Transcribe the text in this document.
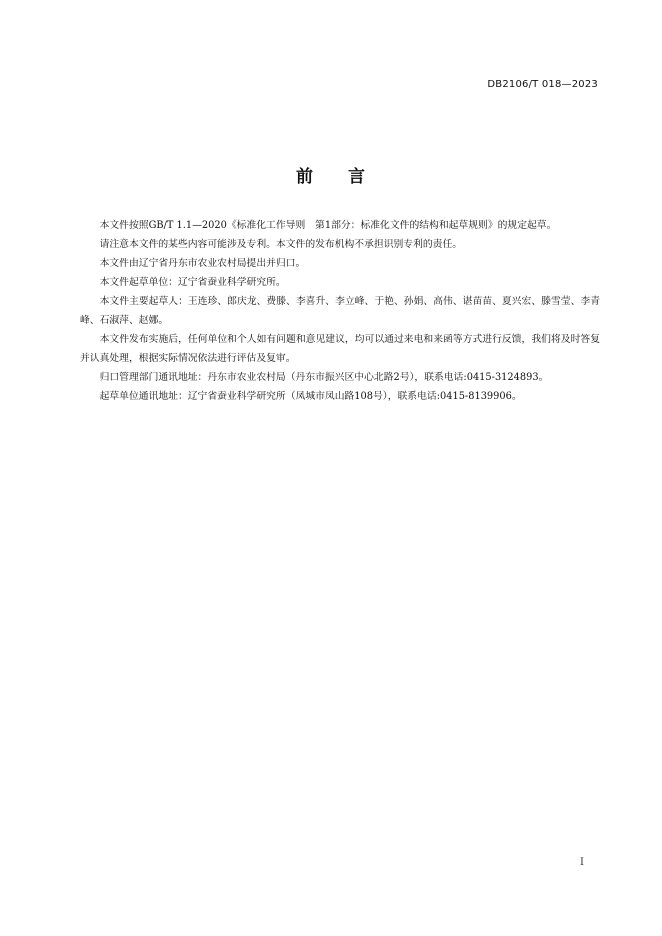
DB2106/T 018—2023
前 言

本文件按照GB/T 1.1—2020《标准化工作导则　第1部分：标准化文件的结构和起草规则》的规定起草。

请注意本文件的某些内容可能涉及专利。本文件的发布机构不承担识别专利的责任。

本文件由辽宁省丹东市农业农村局提出并归口。

本文件起草单位：辽宁省蚕业科学研究所。

本文件主要起草人：王连珍、郎庆龙、费滕、李喜升、李立峰、于艳、孙娟、高伟、谌苗苗、夏兴宏、滕雪莹、李青峰、石淑萍、赵娜。

本文件发布实施后，任何单位和个人如有问题和意见建议，均可以通过来电和来函等方式进行反馈，我们将及时答复并认真处理，根据实际情况依法进行评估及复审。

归口管理部门通讯地址：丹东市农业农村局（丹东市振兴区中心北路2号），联系电话:0415-3124893。

起草单位通讯地址：辽宁省蚕业科学研究所（凤城市凤山路108号），联系电话:0415-8139906。

I
